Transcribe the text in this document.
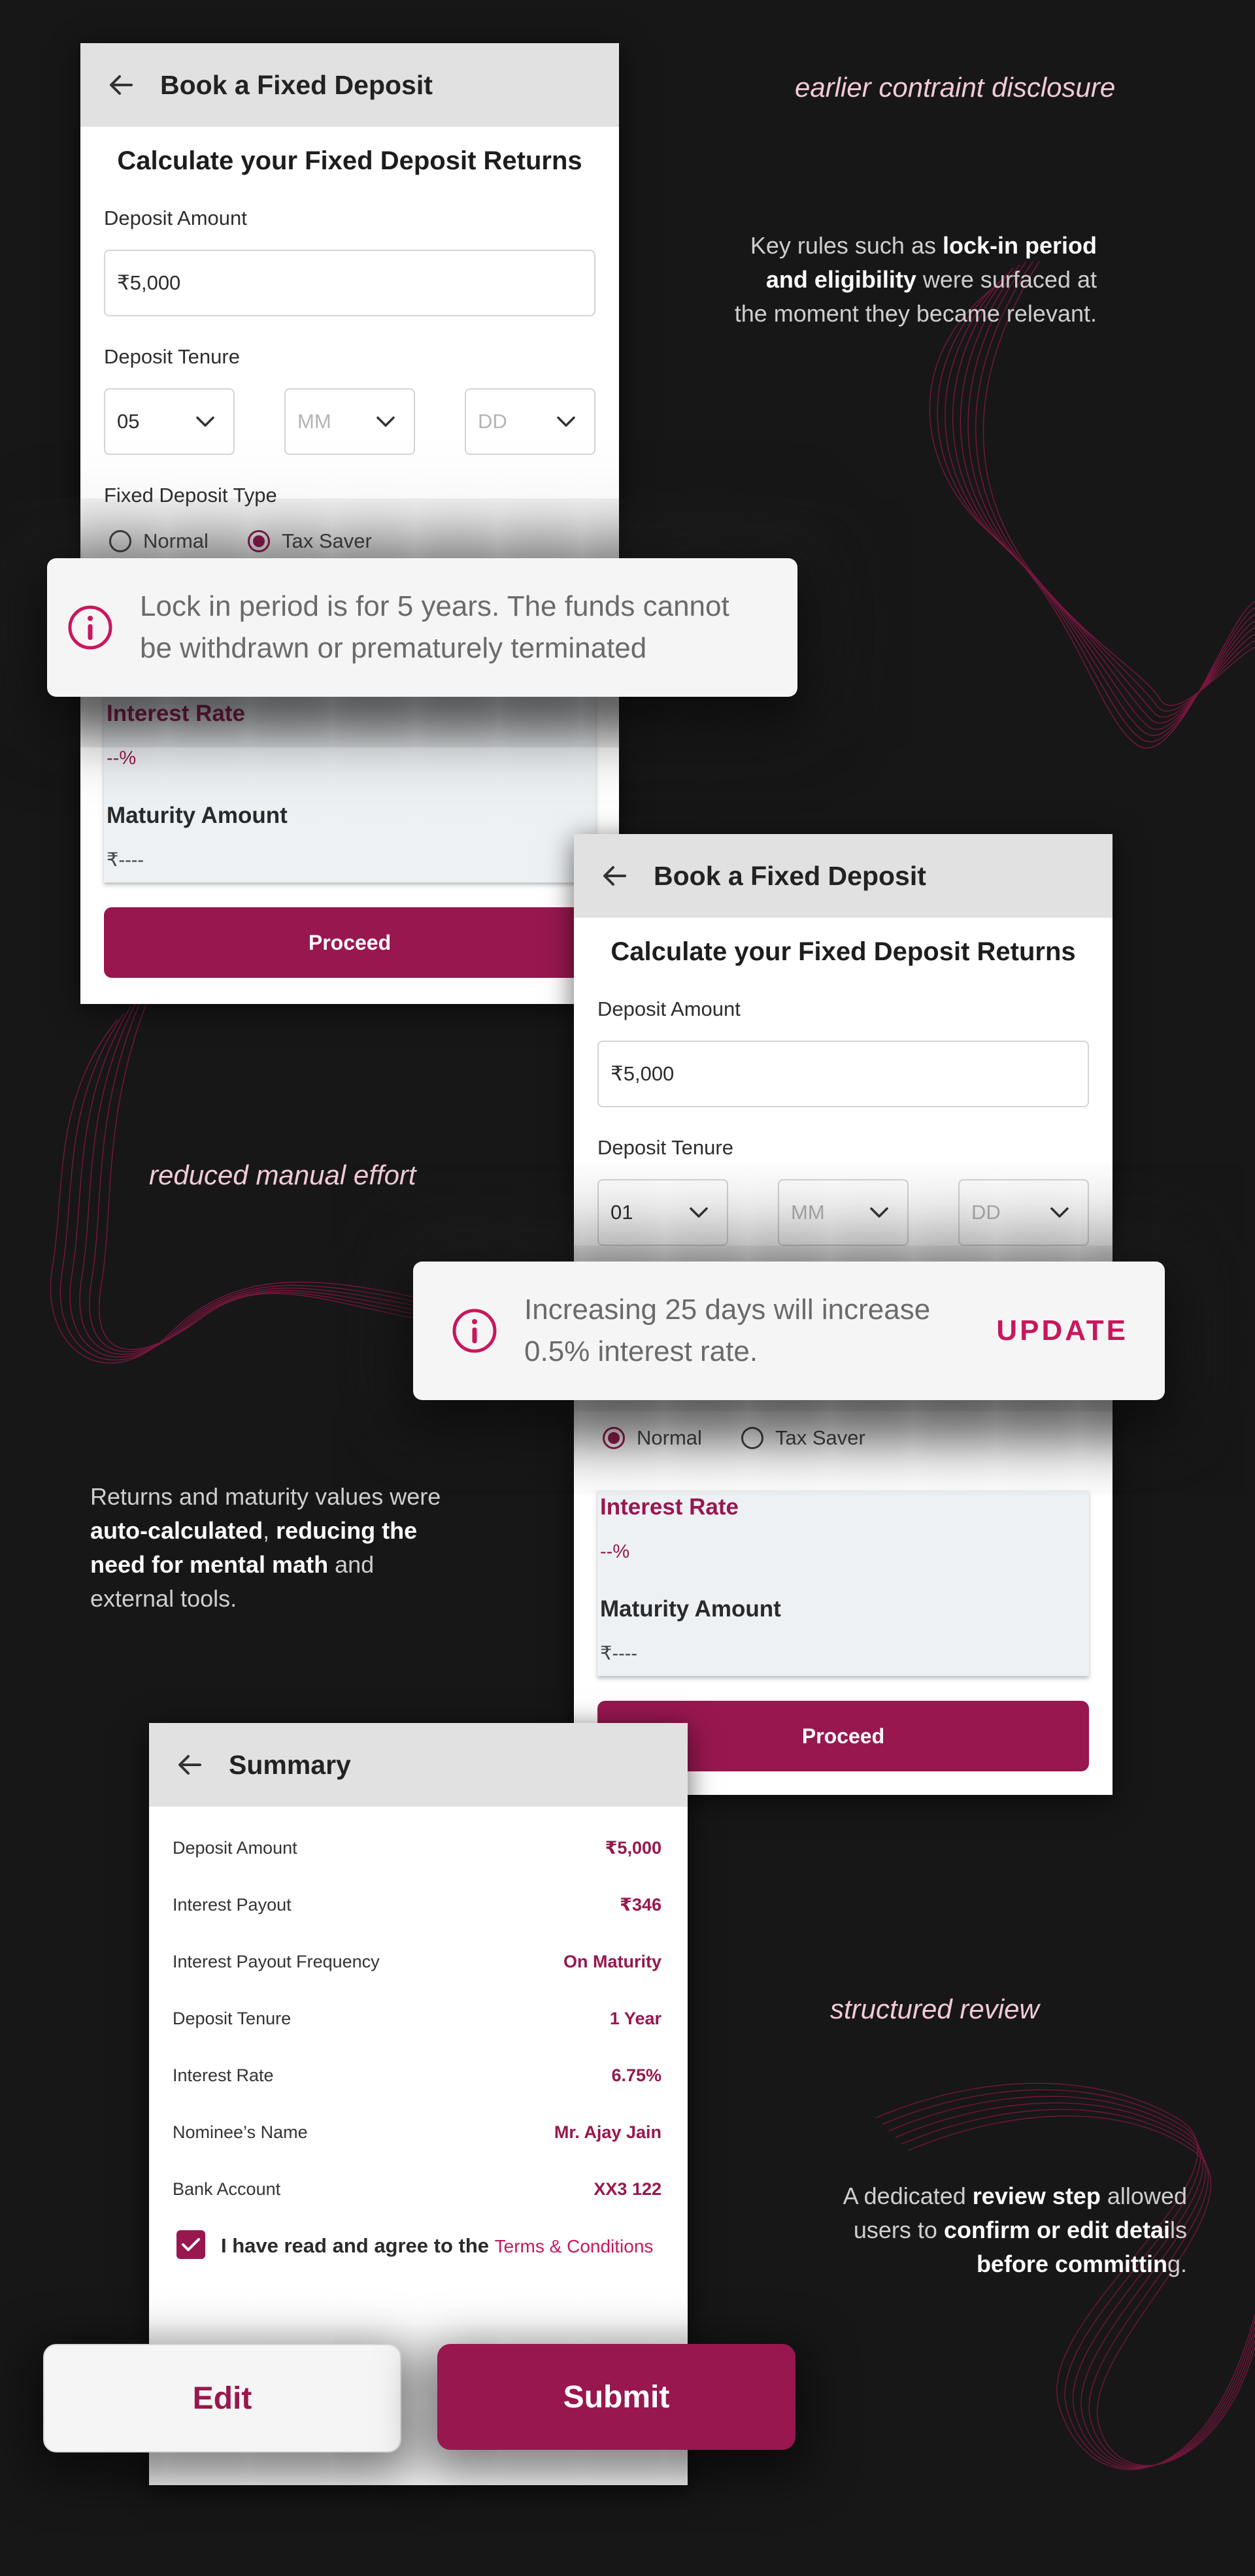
earlier contraint disclosure
Key rules such as lock-in period
and eligibility were surfaced at
the moment they became relevant.
Book a Fixed Deposit
Calculate your Fixed Deposit Returns
Deposit Amount
₹5,000
Deposit Tenure
05	MM	DD
Fixed Deposit Type
Normal	Tax Saver
Interest Rate
--%
Maturity Amount
₹----
Proceed
Lock in period is for 5 years. The funds cannot
be withdrawn or prematurely terminated
reduced manual effort
Returns and maturity values were
auto-calculated, reducing the
need for mental math and
external tools.
Book a Fixed Deposit
Calculate your Fixed Deposit Returns
Deposit Amount
₹5,000
Deposit Tenure
01	MM	DD
Normal	Tax Saver
Interest Rate
--%
Maturity Amount
₹----
Proceed
Increasing 25 days will increase
0.5% interest rate.
UPDATE
structured review
A dedicated review step allowed
users to confirm or edit details
before committing.
Summary
Deposit Amount	₹5,000
Interest Payout	₹346
Interest Payout Frequency	On Maturity
Deposit Tenure	1 Year
Interest Rate	6.75%
Nominee’s Name	Mr. Ajay Jain
Bank Account	XX3 122
I have read and agree to the Terms & Conditions
Edit	Submit
